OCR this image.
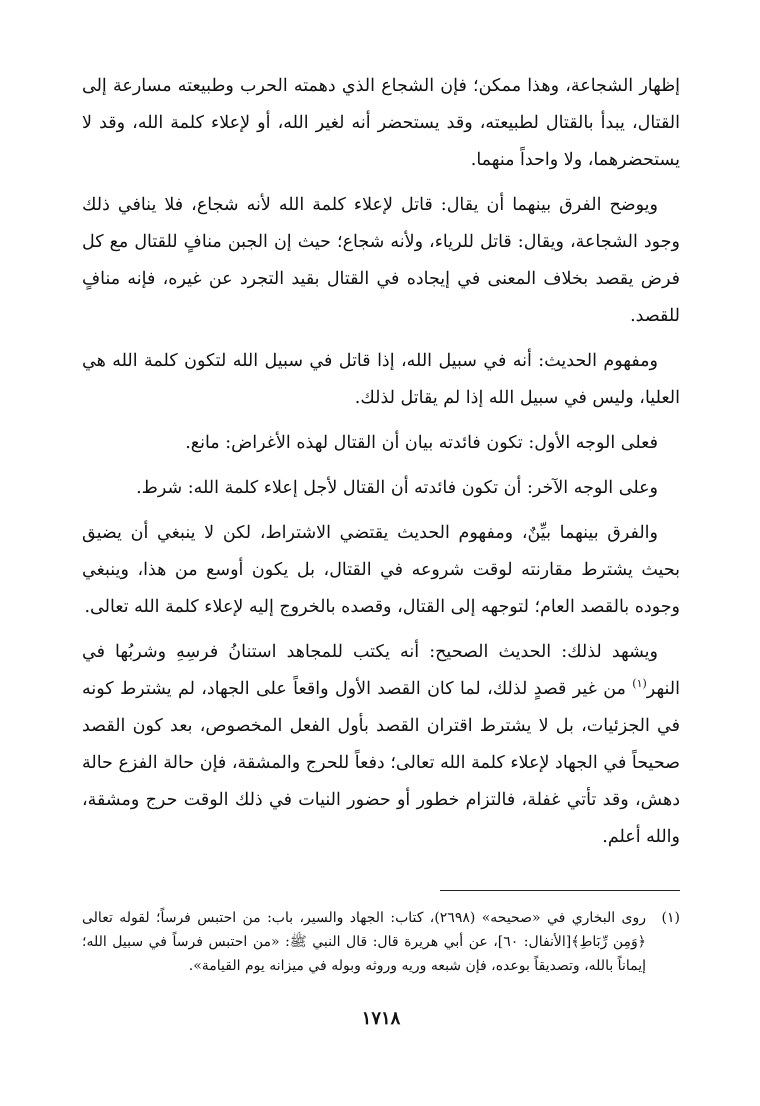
إظهار الشجاعة، وهذا ممكن؛ فإن الشجاع الذي دهمته الحرب وطبيعته مسارعة إلى القتال، يبدأ بالقتال لطبيعته، وقد يستحضر أنه لغير الله، أو لإعلاء كلمة الله، وقد لا يستحضرهما، ولا واحداً منهما.

ويوضح الفرق بينهما أن يقال: قاتل لإعلاء كلمة الله لأنه شجاع، فلا ينافي ذلك وجود الشجاعة، ويقال: قاتل للرياء، ولأنه شجاع؛ حيث إن الجبن منافٍ للقتال مع كل فرض يقصد بخلاف المعنى في إيجاده في القتال بقيد التجرد عن غيره، فإنه منافٍ للقصد.

ومفهوم الحديث: أنه في سبيل الله، إذا قاتل في سبيل الله لتكون كلمة الله هي العليا، وليس في سبيل الله إذا لم يقاتل لذلك.

فعلى الوجه الأول: تكون فائدته بيان أن القتال لهذه الأغراض: مانع.

وعلى الوجه الآخر: أن تكون فائدته أن القتال لأجل إعلاء كلمة الله: شرط.

والفرق بينهما بيِّنٌ، ومفهوم الحديث يقتضي الاشتراط، لكن لا ينبغي أن يضيق بحيث يشترط مقارنته لوقت شروعه في القتال، بل يكون أوسع من هذا، وينبغي وجوده بالقصد العام؛ لتوجهه إلى القتال، وقصده بالخروج إليه لإعلاء كلمة الله تعالى.

ويشهد لذلك: الحديث الصحيح: أنه يكتب للمجاهد استنانُ فرسِهِ وشربُها في النهر$^{(١)}$ من غير قصدٍ لذلك، لما كان القصد الأول واقعاً على الجهاد، لم يشترط كونه في الجزئيات، بل لا يشترط اقتران القصد بأول الفعل المخصوص، بعد كون القصد صحيحاً في الجهاد لإعلاء كلمة الله تعالى؛ دفعاً للحرج والمشقة، فإن حالة الفزع حالة دهش، وقد تأتي غفلة، فالتزام خطور أو حضور النيات في ذلك الوقت حرج ومشقة، والله أعلم.

(١)
روى البخاري في «صحيحه» (٢٦٩٨)، كتاب: الجهاد والسير، باب: من احتبس فرساً؛ لقوله تعالى ﴿وَمِن رِّبَاطِ﴾[الأنفال: ٦٠]، عن أبي هريرة قال: قال النبي ﷺ: «من احتبس فرساً في سبيل الله؛ إيماناً بالله، وتصديقاً بوعده، فإن شبعه وريه وروثه وبوله في ميزانه يوم القيامة».
١٧١٨
